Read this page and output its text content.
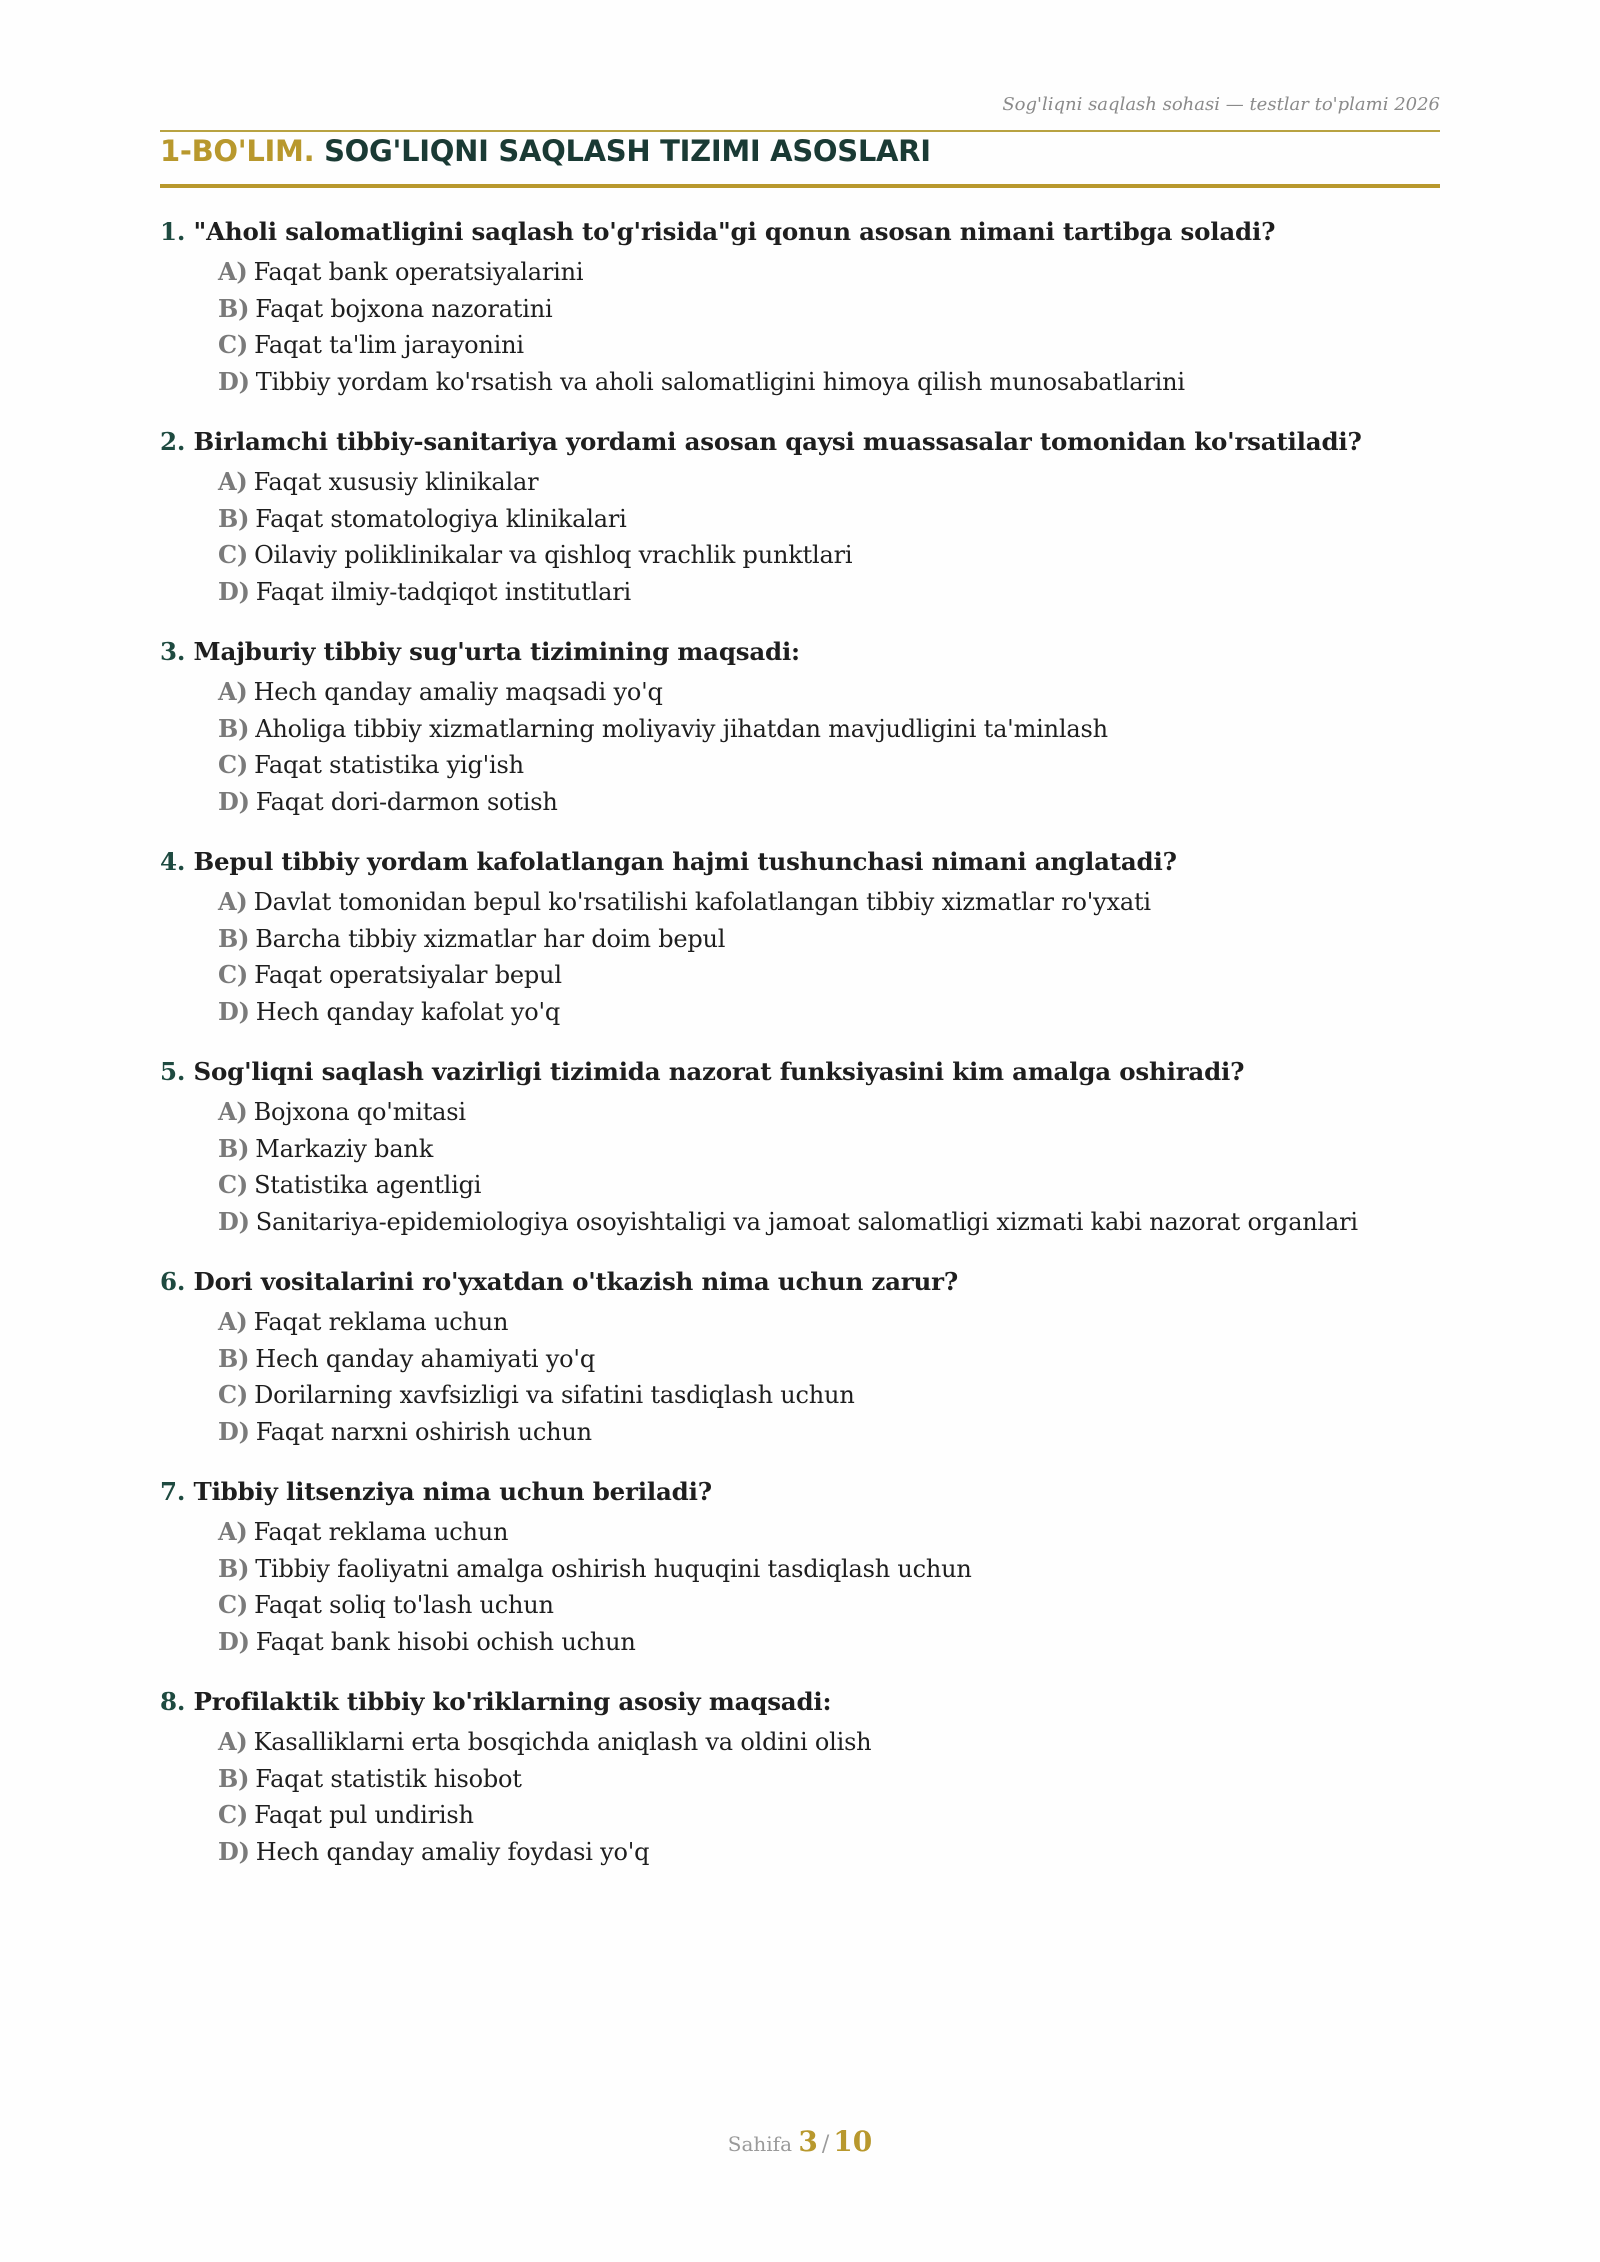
Sog'liqni saqlash sohasi — testlar to'plami 2026
1-BO'LIM. SOG'LIQNI SAQLASH TIZIMI ASOSLARI
1. "Aholi salomatligini saqlash to'g'risida"gi qonun asosan nimani tartibga soladi?
A) Faqat bank operatsiyalarini
B) Faqat bojxona nazoratini
C) Faqat ta'lim jarayonini
D) Tibbiy yordam ko'rsatish va aholi salomatligini himoya qilish munosabatlarini
2. Birlamchi tibbiy-sanitariya yordami asosan qaysi muassasalar tomonidan ko'rsatiladi?
A) Faqat xususiy klinikalar
B) Faqat stomatologiya klinikalari
C) Oilaviy poliklinikalar va qishloq vrachlik punktlari
D) Faqat ilmiy-tadqiqot institutlari
3. Majburiy tibbiy sug'urta tizimining maqsadi:
A) Hech qanday amaliy maqsadi yo'q
B) Aholiga tibbiy xizmatlarning moliyaviy jihatdan mavjudligini ta'minlash
C) Faqat statistika yig'ish
D) Faqat dori-darmon sotish
4. Bepul tibbiy yordam kafolatlangan hajmi tushunchasi nimani anglatadi?
A) Davlat tomonidan bepul ko'rsatilishi kafolatlangan tibbiy xizmatlar ro'yxati
B) Barcha tibbiy xizmatlar har doim bepul
C) Faqat operatsiyalar bepul
D) Hech qanday kafolat yo'q
5. Sog'liqni saqlash vazirligi tizimida nazorat funksiyasini kim amalga oshiradi?
A) Bojxona qo'mitasi
B) Markaziy bank
C) Statistika agentligi
D) Sanitariya-epidemiologiya osoyishtaligi va jamoat salomatligi xizmati kabi nazorat organlari
6. Dori vositalarini ro'yxatdan o'tkazish nima uchun zarur?
A) Faqat reklama uchun
B) Hech qanday ahamiyati yo'q
C) Dorilarning xavfsizligi va sifatini tasdiqlash uchun
D) Faqat narxni oshirish uchun
7. Tibbiy litsenziya nima uchun beriladi?
A) Faqat reklama uchun
B) Tibbiy faoliyatni amalga oshirish huquqini tasdiqlash uchun
C) Faqat soliq to'lash uchun
D) Faqat bank hisobi ochish uchun
8. Profilaktik tibbiy ko'riklarning asosiy maqsadi:
A) Kasalliklarni erta bosqichda aniqlash va oldini olish
B) Faqat statistik hisobot
C) Faqat pul undirish
D) Hech qanday amaliy foydasi yo'q
Sahifa 3 / 10
